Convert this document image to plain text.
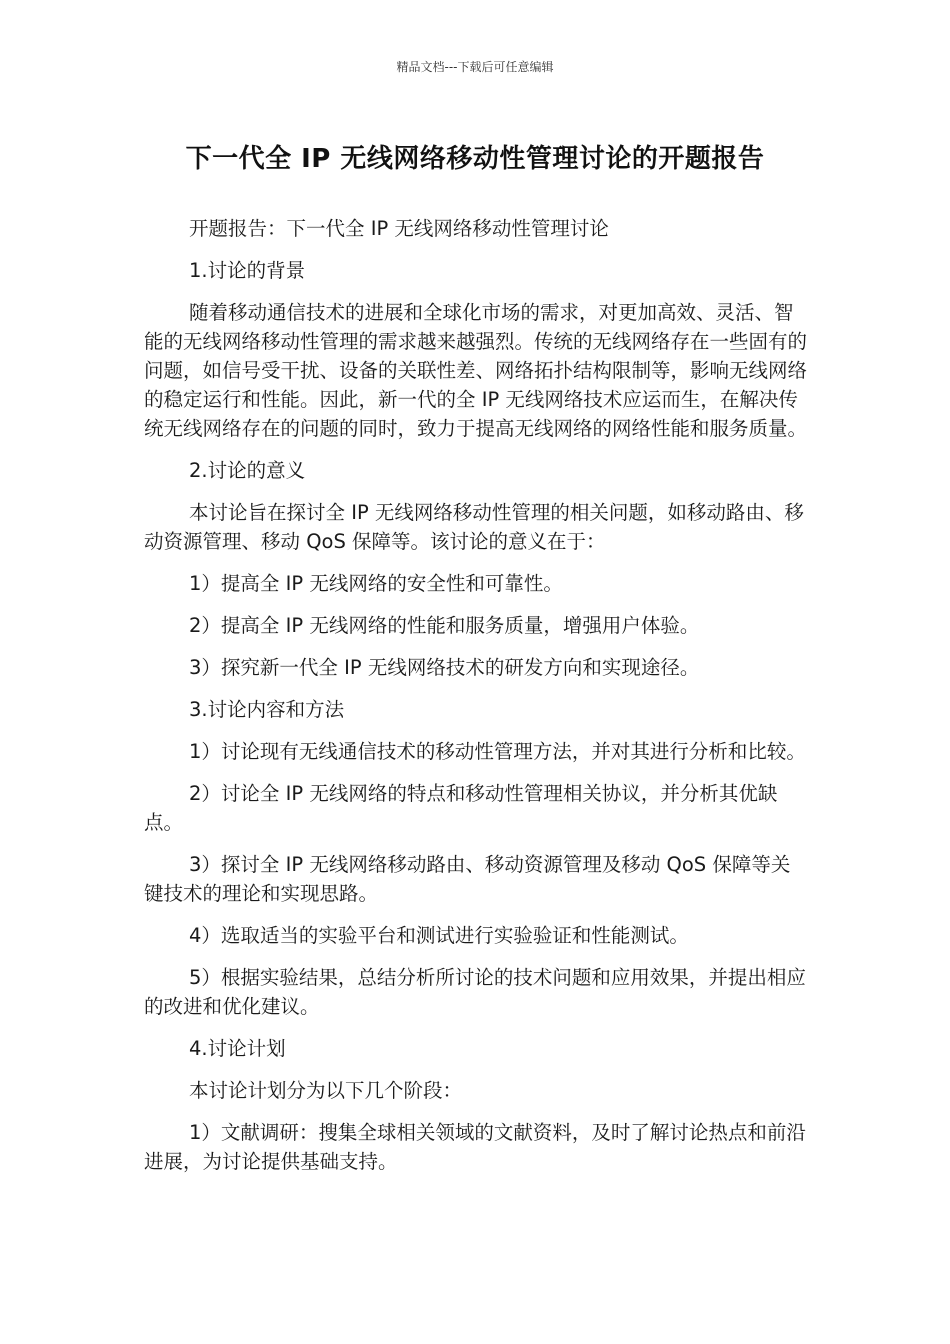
精品文档---下载后可任意编辑
下一代全 IP 无线网络移动性管理讨论的开题报告

开题报告：下一代全 IP 无线网络移动性管理讨论

1.讨论的背景

随着移动通信技术的进展和全球化市场的需求，对更加高效、灵活、智能的无线网络移动性管理的需求越来越强烈。传统的无线网络存在一些固有的问题，如信号受干扰、设备的关联性差、网络拓扑结构限制等，影响无线网络的稳定运行和性能。因此，新一代的全 IP 无线网络技术应运而生，在解决传统无线网络存在的问题的同时，致力于提高无线网络的网络性能和服务质量。

2.讨论的意义

本讨论旨在探讨全 IP 无线网络移动性管理的相关问题，如移动路由、移动资源管理、移动 QoS 保障等。该讨论的意义在于：

1）提高全 IP 无线网络的安全性和可靠性。

2）提高全 IP 无线网络的性能和服务质量，增强用户体验。

3）探究新一代全 IP 无线网络技术的研发方向和实现途径。

3.讨论内容和方法

1）讨论现有无线通信技术的移动性管理方法，并对其进行分析和比较。

2）讨论全 IP 无线网络的特点和移动性管理相关协议，并分析其优缺点。

3）探讨全 IP 无线网络移动路由、移动资源管理及移动 QoS 保障等关键技术的理论和实现思路。

4）选取适当的实验平台和测试进行实验验证和性能测试。

5）根据实验结果，总结分析所讨论的技术问题和应用效果，并提出相应的改进和优化建议。

4.讨论计划

本讨论计划分为以下几个阶段：

1）文献调研：搜集全球相关领域的文献资料，及时了解讨论热点和前沿进展，为讨论提供基础支持。
